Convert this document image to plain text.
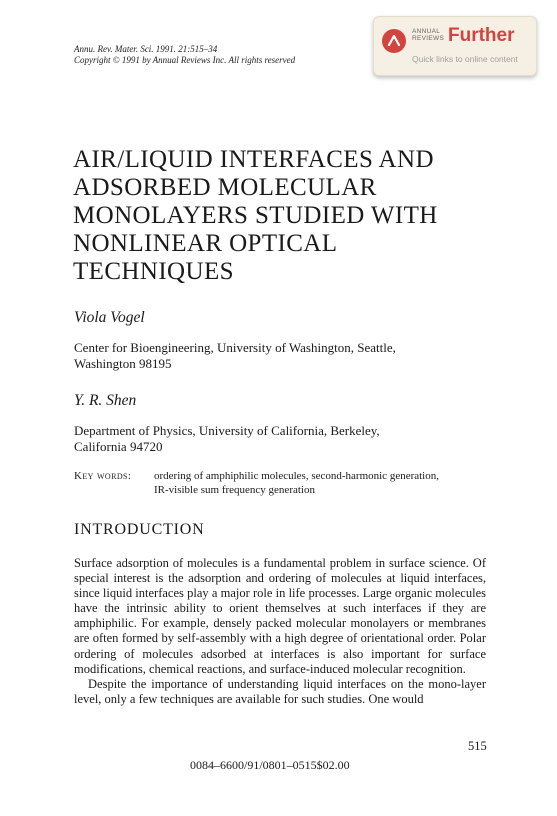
Annu. Rev. Mater. Sci. 1991. 21:515–34
Copyright © 1991 by Annual Reviews Inc. All rights reserved
ANNUAL
REVIEWS Further
Quick links to online content
AIR/LIQUID INTERFACES AND
ADSORBED MOLECULAR
MONOLAYERS STUDIED WITH
NONLINEAR OPTICAL
TECHNIQUES
Viola Vogel
Center for Bioengineering, University of Washington, Seattle,
Washington 98195
Y. R. Shen
Department of Physics, University of California, Berkeley,
California 94720
Key words: ordering of amphiphilic molecules, second-harmonic generation,
IR-visible sum frequency generation
INTRODUCTION

Surface adsorption of molecules is a fundamental problem in surface science. Of special interest is the adsorption and ordering of molecules at liquid interfaces, since liquid interfaces play a major role in life processes. Large organic molecules have the intrinsic ability to orient themselves at such interfaces if they are amphiphilic. For example, densely packed molecular monolayers or membranes are often formed by self-assembly with a high degree of orientational order. Polar ordering of molecules adsorbed at interfaces is also important for surface modifications, chemical reactions, and surface-induced molecular recognition.

Despite the importance of understanding liquid interfaces on the mono-layer level, only a few techniques are available for such studies. One would

515
0084–6600/91/0801–0515$02.00
